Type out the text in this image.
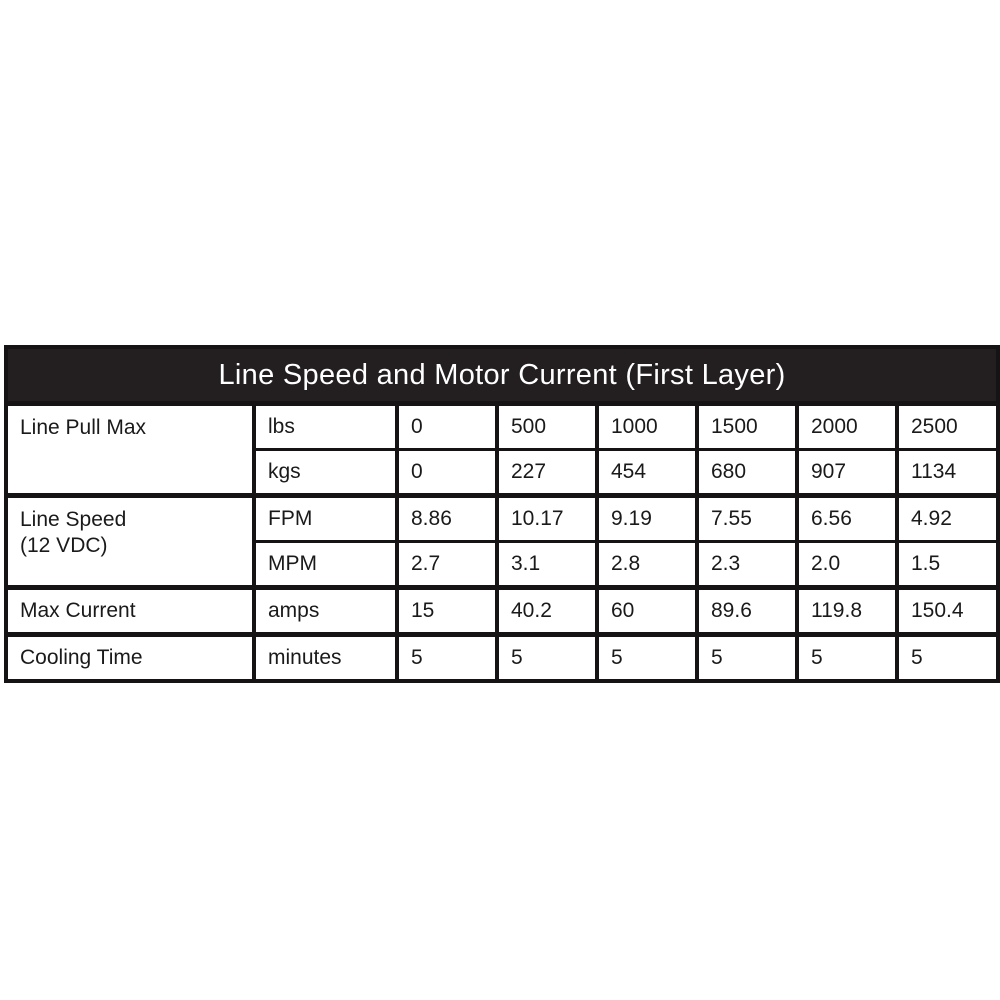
Line Speed and Motor Current (First Layer)							

Line Pull Max	lbs	0	500	1000	1500	2000	2500
	kgs	0	227	454	680	907	1134

Line Speed
(12 VDC)	FPM	8.86	10.17	9.19	7.55	6.56	4.92
	MPM	2.7	3.1	2.8	2.3	2.0	1.5
Max Current	amps	15	40.2	60	89.6	119.8	150.4
Cooling Time	minutes	5	5	5	5	5	5
